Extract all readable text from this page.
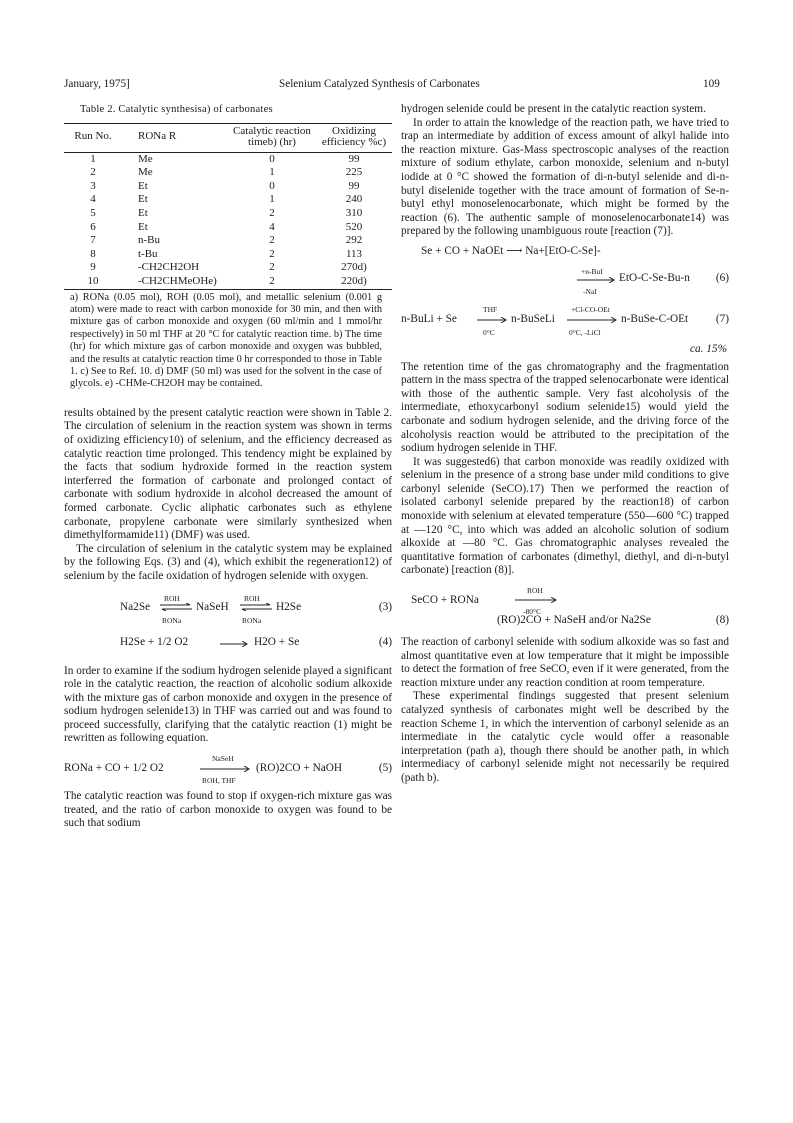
January, 1975]	Selenium Catalyzed Synthesis of Carbonates	109
Table 2. Catalytic synthesisa) of carbonates
Run No.	RONa R	Catalytic reaction timeb) (hr)	Oxidizing efficiency %c)
1	Me	0	99
2	Me	1	225
3	Et	0	99
4	Et	1	240
5	Et	2	310
6	Et	4	520
7	n-Bu	2	292
8	t-Bu	2	113
9	-CH2CH2OH	2	270d)
10	-CH2CHMeOHe)	2	220d)
a) RONa (0.05 mol), ROH (0.05 mol), and metallic selenium (0.001 g atom) were made to react with carbon monoxide for 30 min, and then with mixture gas of carbon monoxide and oxygen (60 ml/min and 1 mmol/hr respectively) in 50 ml THF at 20 °C for catalytic reaction time. b) The time (hr) for which mixture gas of carbon monoxide and oxygen was bubbled, and the results at catalytic reaction time 0 hr corresponded to those in Table 1. c) See to Ref. 10. d) DMF (50 ml) was used for the solvent in the case of glycols. e) -CHMe-CH2OH may be contained.

results obtained by the present catalytic reaction were shown in Table 2. The circulation of selenium in the reaction system was shown in terms of oxidizing efficiency10) of selenium, and the efficiency decreased as catalytic reaction time prolonged. This tendency might be explained by the facts that sodium hydroxide formed in the reaction system interferred the formation of carbonate and prolonged contact of carbonate with sodium hydroxide in alcohol decreased the amount of formed carbonate. Cyclic aliphatic carbonates such as ethylene carbonate, propylene carbonate were similarly synthesized when dimethylformamide11) (DMF) was used.

The circulation of selenium in the catalytic system may be explained by the following Eqs. (3) and (4), which exhibit the regeneration12) of selenium by the facile oxidation of hydrogen selenide with oxygen.

Na2Se
ROH
RONa
NaSeH
ROH
RONa
H2Se	(3)
H2Se + 1/2 O2	→ H2O + Se	(4)

In order to examine if the sodium hydrogen selenide played a significant role in the catalytic reaction, the reaction of alcoholic sodium alkoxide with the mixture gas of carbon monoxide and oxygen in the presence of sodium hydrogen selenide13) in THF was carried out and was found to proceed successfully, clarifying that the catalytic reaction (1) might be rewritten as following equation.

RONa + CO + 1/2 O2
NaSeH
ROH, THF
(RO)2CO + NaOH	(5)

The catalytic reaction was found to stop if oxygen-rich mixture gas was treated, and the ratio of carbon monoxide to oxygen was found to be such that sodium

hydrogen selenide could be present in the catalytic reaction system.

In order to attain the knowledge of the reaction path, we have tried to trap an intermediate by addition of excess amount of alkyl halide into the reaction mixture. Gas-Mass spectroscopic analyses of the reaction mixture of sodium ethylate, carbon monoxide, selenium and n-butyl iodide at 0 °C showed the formation of di-n-butyl selenide and di-n-butyl diselenide together with the trace amount of formation of Se-n-butyl ethyl monoselenocarbonate, which might be formed by the reaction (6). The authentic sample of monoselenocarbonate14) was prepared by the following unambiguous route [reaction (7)].

Se + CO + NaOEt ⟶ Na+[EtO-C-Se]-
+n-BuI
-NaI
EtO-C-Se-Bu-n (6)
n-BuLi + Se
THF
0°C
n-BuSeLi
+Cl-CO-OEt
0°C, -LiCl
n-BuSe-C-OEt (7)
ca. 15%

The retention time of the gas chromatography and the fragmentation pattern in the mass spectra of the trapped selenocarbonate were identical with those of the authentic sample. Very fast alcoholysis of the intermediate, ethoxycarbonyl sodium selenide15) would yield the carbonate and sodium hydrogen selenide, and the driving force of the alcoholysis reaction would be attributed to the precipitation of the sodium hydrogen selenide in THF.

It was suggested6) that carbon monoxide was readily oxidized with selenium in the presence of a strong base under mild conditions to give carbonyl selenide (SeCO).17) Then we performed the reaction of isolated carbonyl selenide prepared by the reaction18) of carbon monoxide with selenium at elevated temperature (550—600 °C) trapped at —120 °C, into which was added an alcoholic solution of sodium alkoxide at —80 °C. Gas chromatographic analyses revealed the quantitative formation of carbonates (dimethyl, diethyl, and di-n-butyl carbonate) [reaction (8)].

SeCO + RONa
ROH
-80°C
(RO)2CO + NaSeH and/or Na2Se	(8)

The reaction of carbonyl selenide with sodium alkoxide was so fast and almost quantitative even at low temperature that it might be impossible to detect the formation of free SeCO, even if it were generated, from the reaction mixture under any reaction condition at room temperature.

These experimental findings suggested that present selenium catalyzed synthesis of carbonates might well be described by the reaction Scheme 1, in which the intervention of carbonyl selenide as an intermediate in the catalytic cycle would offer a reasonable interpretation (path a), though there should be another path, in which intermediacy of carbonyl selenide might not necessarily be required (path b).
